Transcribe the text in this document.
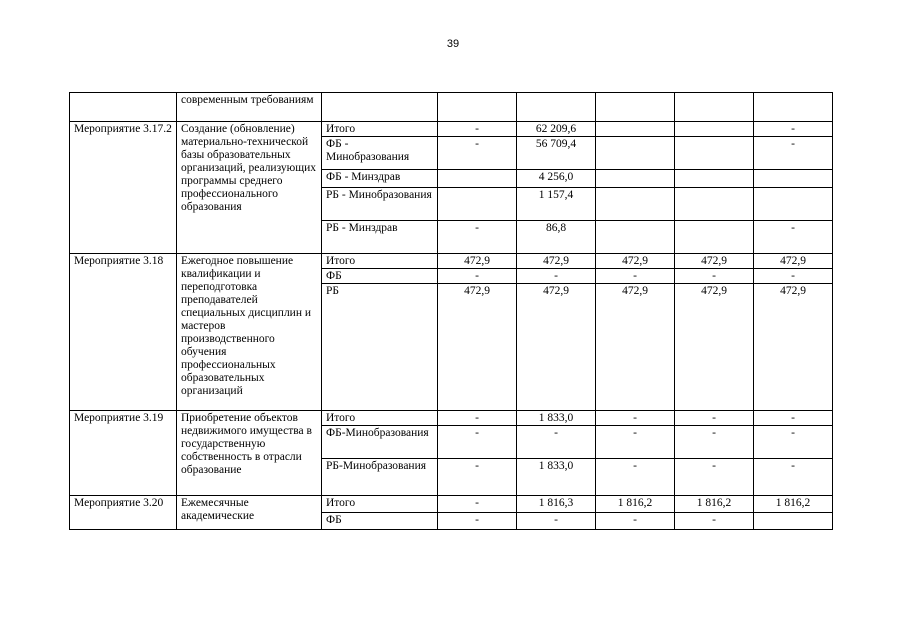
39
	современным требованиям						
Мероприятие 3.17.2	Создание (обновление) материально-технической базы образовательных организаций, реализующих программы среднего профессионального образования	Итого	-	62 209,6			-
		ФБ - Минобразования	-	56 709,4			-
		ФБ - Минздрав		4 256,0			
		РБ - Минобразования		1 157,4			
		РБ - Минздрав	-	86,8			-
Мероприятие 3.18	Ежегодное повышение квалификации и переподготовка преподавателей специальных дисциплин и мастеров производственного обучения профессиональных образовательных организаций	Итого	472,9	472,9	472,9	472,9	472,9
		ФБ	-	-	-	-	-
		РБ	472,9	472,9	472,9	472,9	472,9
Мероприятие 3.19	Приобретение объектов недвижимого имущества в государственную собственность в отрасли образование	Итого	-	1 833,0	-	-	-
		ФБ-Минобразования	-	-	-	-	-
		РБ-Минобразования	-	1 833,0	-	-	-
Мероприятие 3.20	Ежемесячные академические	Итого	-	1 816,3	1 816,2	1 816,2	1 816,2
		ФБ	-	-	-	-	
